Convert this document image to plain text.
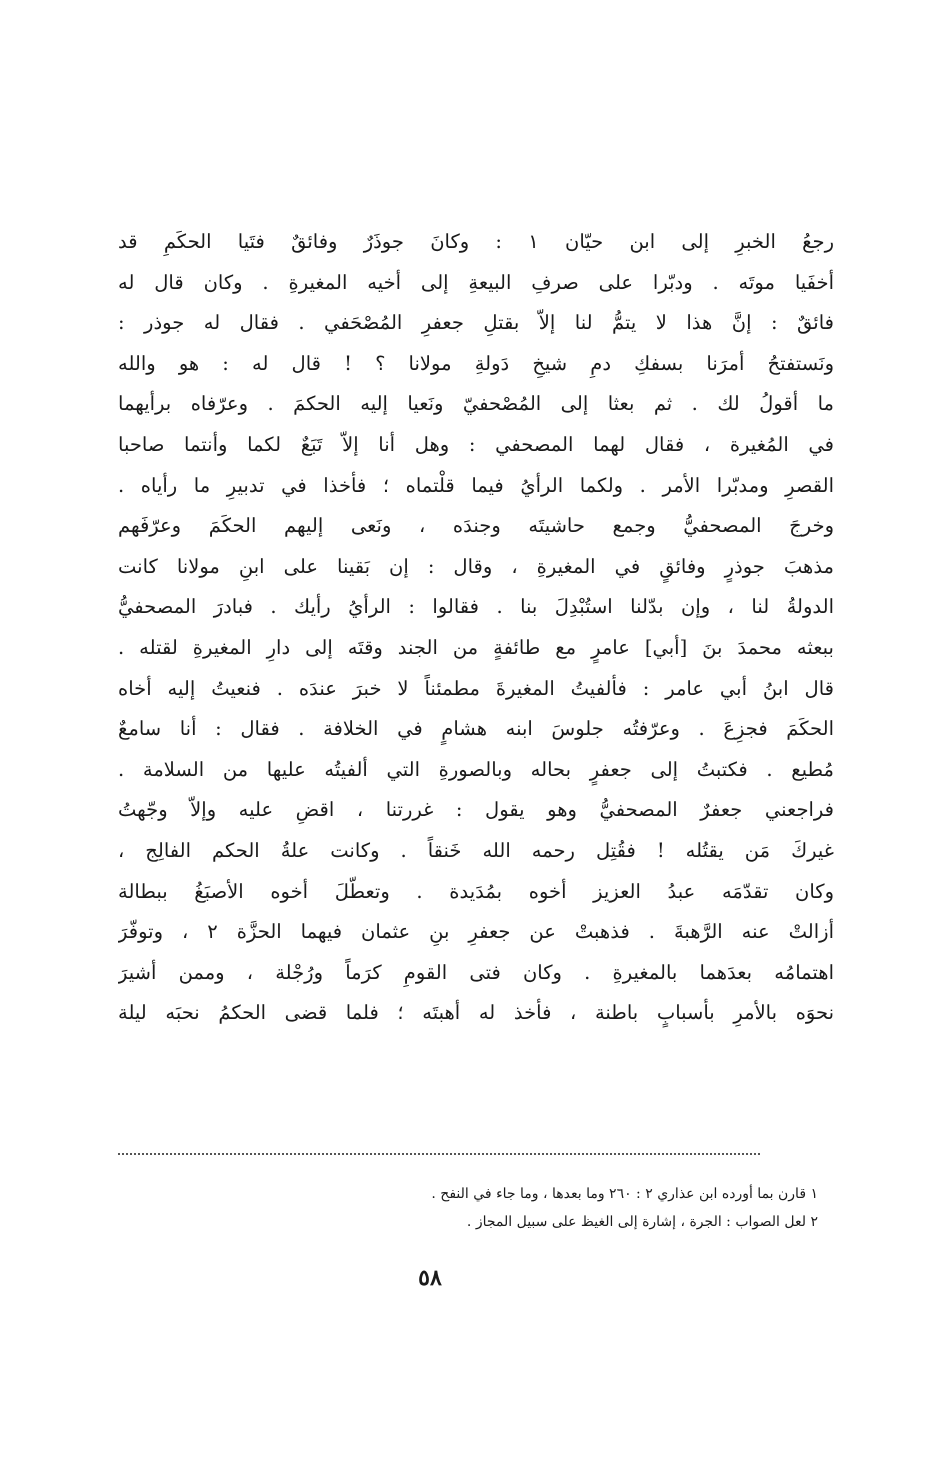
رجعُ الخبرِ إلى ابن حيّان ١ : وكانَ جوذَرٌ وفائقٌ فتَيا الحكَمِ قد
أخفَيا موتَه . ودبّرا على صرفِ البيعةِ إلى أخيه المغيرةِ . وكان قال له
فائقٌ : إنَّ هذا لا يتمُّ لنا إلاّ بقتلِ جعفرِ المُصْحَفي . فقال له جوذر :
ونَستفتحُ أمرَنا بسفكِ دمِ شيخِ دَولةِ مولانا ؟ ! قال له : هو والله
ما أقولُ لك . ثم بعثا إلى المُصْحفيّ ونَعيا إليه الحكمَ . وعرّفاه برأيهما
في المُغيرة ، فقال لهما المصحفي : وهل أنا إلاّ تَبَعٌ لكما وأنتما صاحبا
القصرِ ومدبّرا الأمر . ولكما الرأيُ فيما قلْتماه ؛ فأخذا في تدبيرِ ما رأياه .
وخرجَ المصحفيُّ وجمع حاشيتَه وجندَه ، ونَعى إليهم الحكَمَ وعرّفَهم
مذهبَ جوذرٍ وفائقٍ في المغيرةِ ، وقال : إن بَقينا على ابنِ مولانا كانت
الدولةُ لنا ، وإن بدّلنا استُبْدِلَ بنا . فقالوا : الرأيُ رأيك . فبادرَ المصحفيُّ
ببعثه محمدَ بنَ [أبي] عامرٍ مع طائفةٍ من الجند وقتَه إلى دارِ المغيرةِ لقتله .
قال ابنُ أبي عامر : فألفيتُ المغيرةَ مطمئناً لا خبرَ عندَه . فنعيتُ إليه أخاه
الحكَمَ فجزِعَ . وعرّفتُه جلوسَ ابنه هشامٍ في الخلافة . فقال : أنا سامعٌ
مُطيع . فكتبتُ إلى جعفرٍ بحاله وبالصورةِ التي ألفيتُه عليها من السلامة .
فراجعني جعفرٌ المصحفيُّ وهو يقول : غررتنا ، اقضِ عليه وإلاّ وجّهتُ
غيركَ مَن يقتُله ! فقُتِل رحمه الله خَنقاً . وكانت علةُ الحكم الفالِج ،
وكان تقدّمَه عبدُ العزيز أخوه بمُدَيدة . وتعطّلَ أخوه الأصبَغُ ببطالة
أزالتْ عنه الرَّهبةَ . فذهبتْ عن جعفرِ بنِ عثمان فيهما الحزَّة ٢ ، وتوفّرَ
اهتمامُه بعدَهما بالمغيرةِ . وكان فتى القومِ كرَماً ورُجْلة ، وممن أشيرَ
نحوَه بالأمرِ بأسبابٍ باطنة ، فأخذ له أهبتَه ؛ فلما قضى الحكمُ نحبَه ليلة
١ قارن بما أورده ابن عذاري ٢ : ٢٦٠ وما بعدها ، وما جاء في النفح .
٢ لعل الصواب : الجرة ، إشارة إلى الغيظ على سبيل المجاز .
٥٨
